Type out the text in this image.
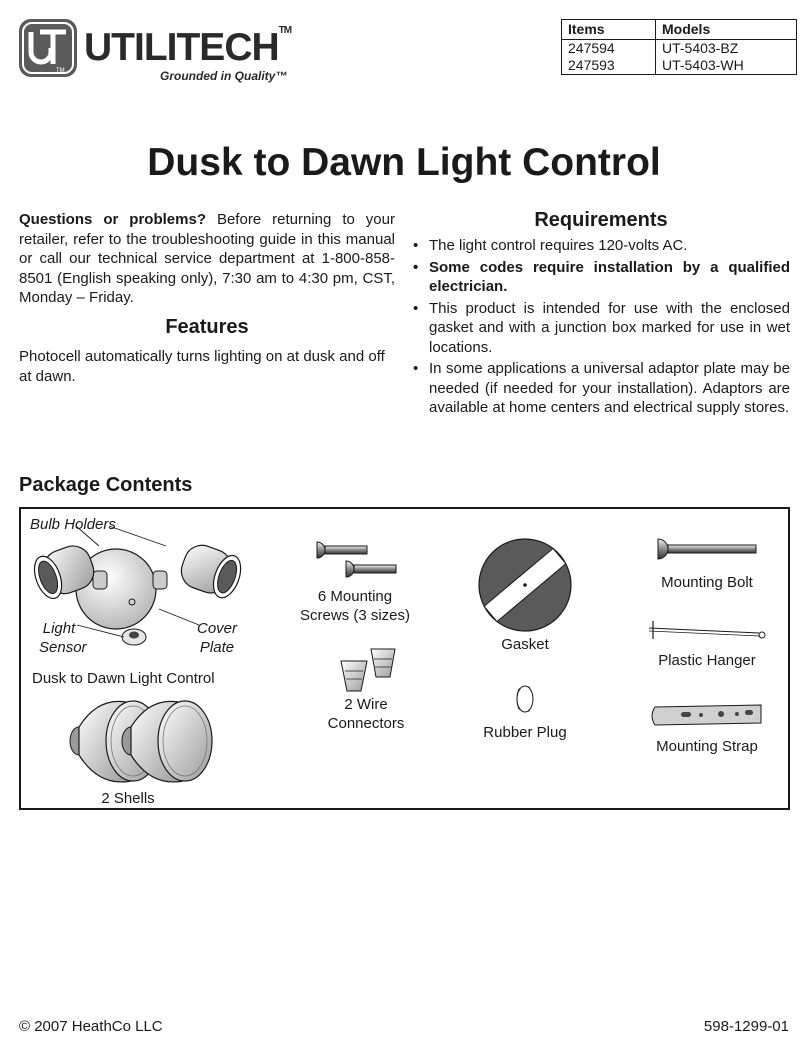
TM
UTILITECH™
Grounded in Quality™
Items	Models
247594	UT-5403-BZ
247593	UT-5403-WH
Dusk to Dawn Light Control
Questions or problems? Before returning to your retailer, refer to the troubleshooting guide in this manual or call our technical service department at 1-800-858-8501 (English speaking only), 7:30 am to 4:30 pm, CST, Monday – Friday.
Features
Photocell automatically turns lighting on at dusk and off at dawn.
Requirements
• The light control requires 120-volts AC.
• Some codes require installation by a qualified electrician.
• This product is intended for use with the enclosed gasket and with a junction box marked for use in wet locations.
• In some applications a universal adaptor plate may be needed (if needed for your installation). Adaptors are available at home centers and electrical supply stores.
Package Contents
Bulb Holders
Light
Sensor
Cover
Plate
Dusk to Dawn Light Control
2 Shells
6 Mounting
Screws (3 sizes)
2 Wire
Connectors
Gasket
Rubber Plug
Mounting Bolt
Plastic Hanger
Mounting Strap
© 2007 HeathCo LLC	598-1299-01
